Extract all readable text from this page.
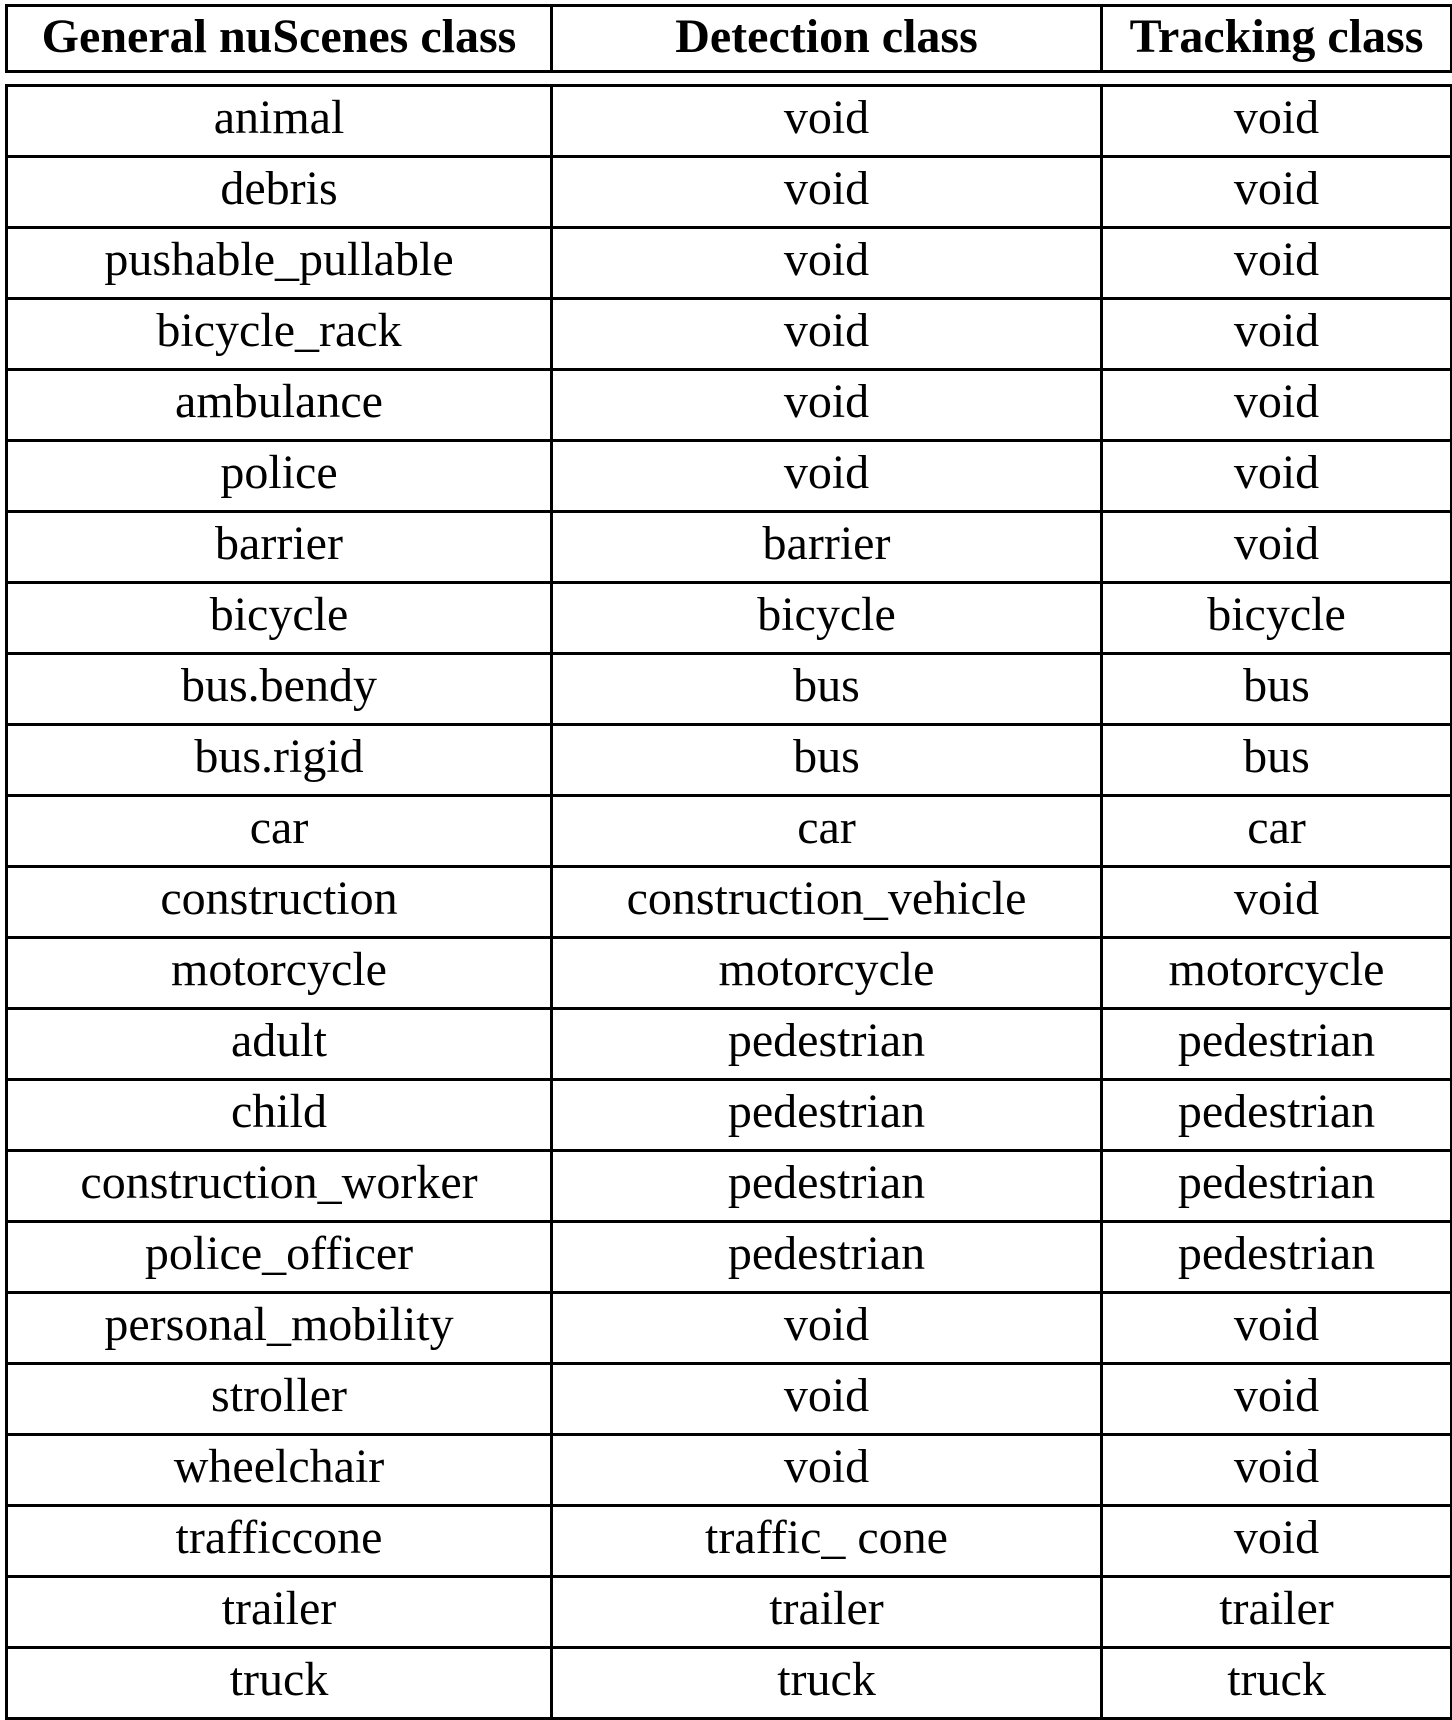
General nuScenes class	Detection class	Tracking class

animal	void	void
debris	void	void
pushable_pullable	void	void
bicycle_rack	void	void
ambulance	void	void
police	void	void
barrier	barrier	void
bicycle	bicycle	bicycle
bus.bendy	bus	bus
bus.rigid	bus	bus
car	car	car
construction	construction_vehicle	void
motorcycle	motorcycle	motorcycle
adult	pedestrian	pedestrian
child	pedestrian	pedestrian
construction_worker	pedestrian	pedestrian
police_officer	pedestrian	pedestrian
personal_mobility	void	void
stroller	void	void
wheelchair	void	void
trafficcone	traffic_ cone	void
trailer	trailer	trailer
truck	truck	truck
